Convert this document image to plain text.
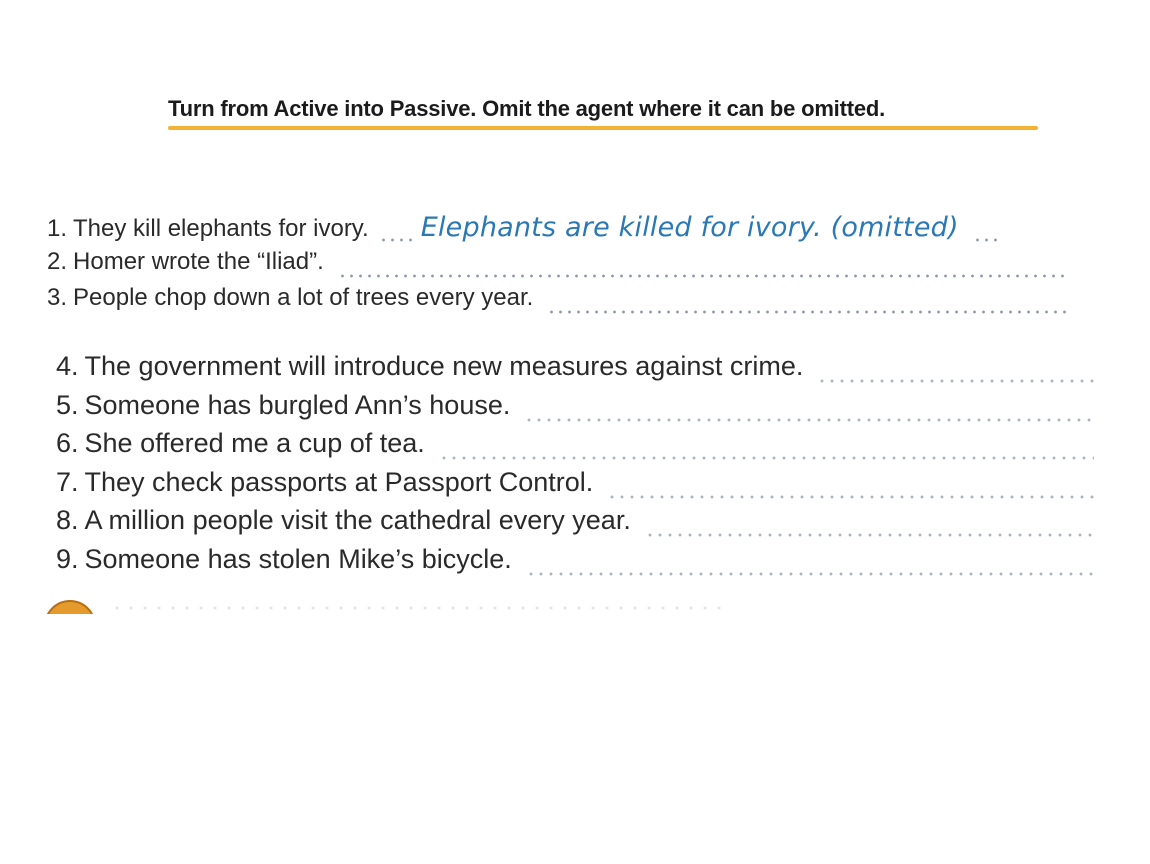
Turn from Active into Passive. Omit the agent where it can be omitted.
1. They kill elephants for ivory. Elephants are killed for ivory. (omitted)
2. Homer wrote the “Iliad”.
3. People chop down a lot of trees every year.
4. The government will introduce new measures against crime.
5. Someone has burgled Ann’s house.
6. She offered me a cup of tea.
7. They check passports at Passport Control.
8. A million people visit the cathedral every year.
9. Someone has stolen Mike’s bicycle.
